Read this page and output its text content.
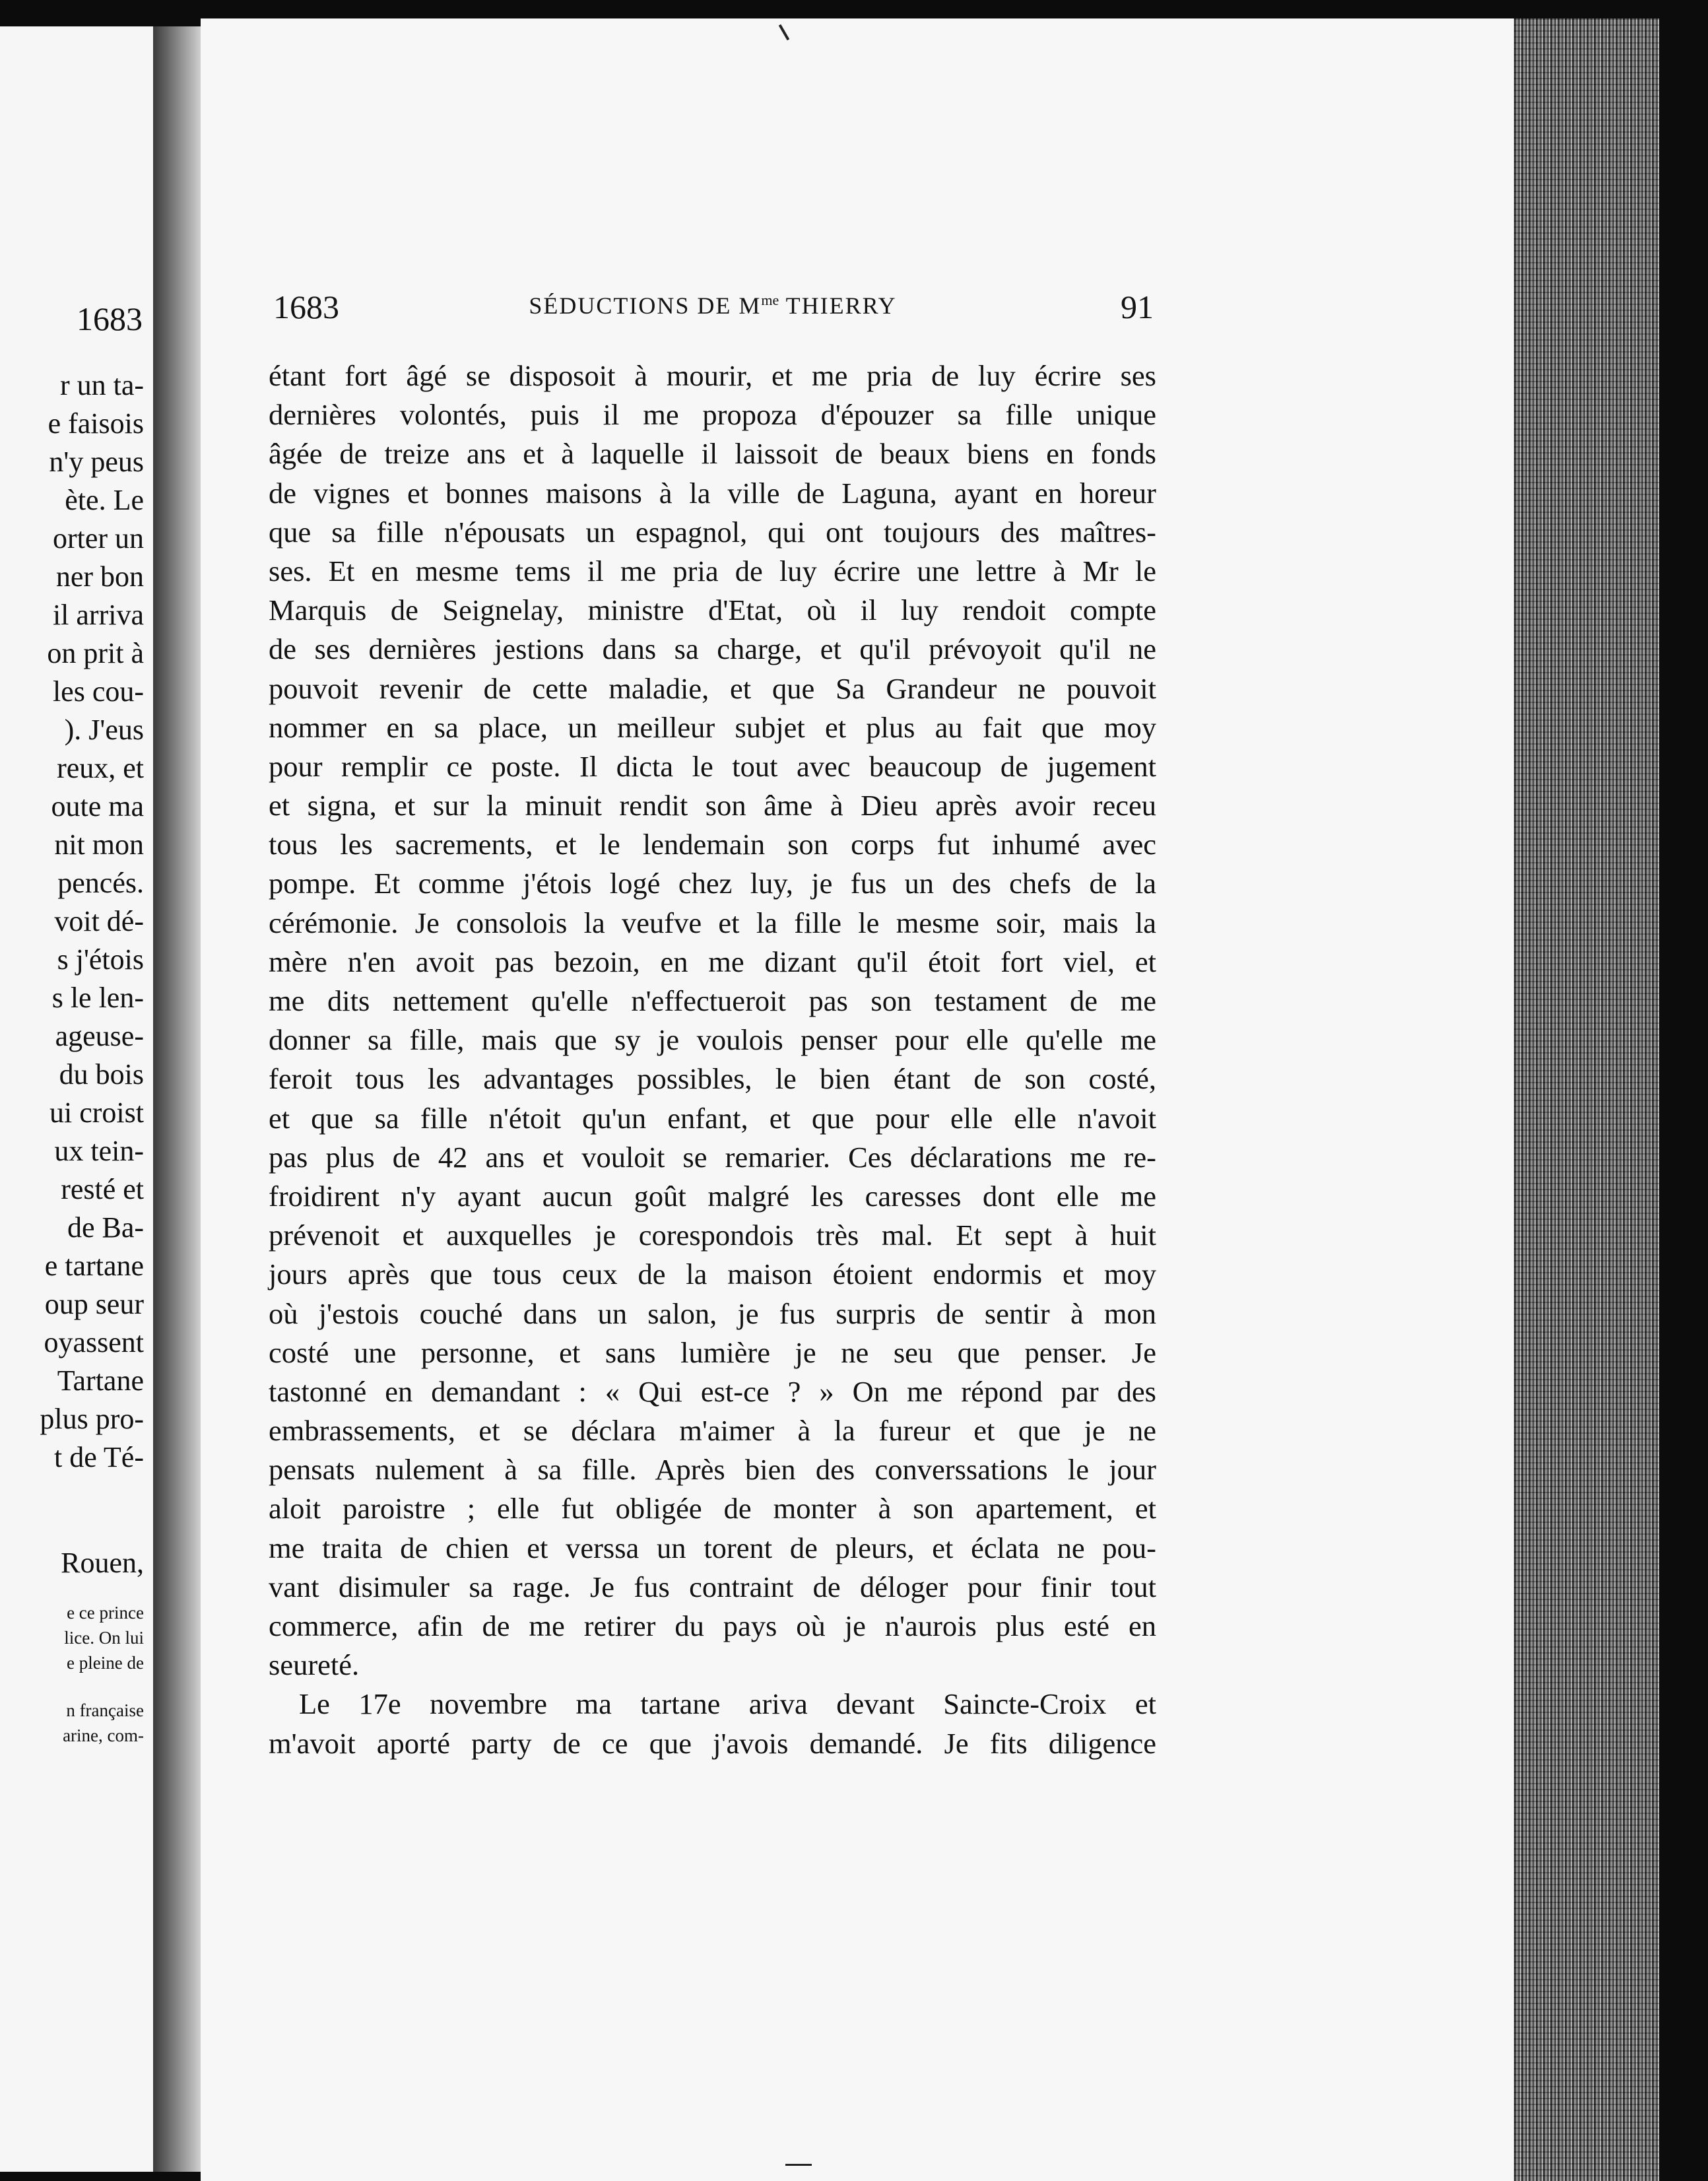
1683
r un ta-
e faisois
n'y peus
ète. Le
orter un
ner bon
il arriva
on prit à
les cou-
). J'eus
reux, et
oute ma
nit mon
pencés.
voit dé-
s j'étois
s le len-
ageuse-
du bois
ui croist
ux tein-
resté et
de Ba-
e tartane
oup seur
oyassent
Tartane
plus pro-
t de Té-
Rouen,
e ce prince
lice. On lui
e pleine de
n française
arine, com-
1683	SÉDUCTIONS DE $M^{me}$ THIERRY	91
étant fort âgé se disposoit à mourir, et me pria de luy écrire ses
dernières volontés, puis il me propoza d'épouzer sa fille unique
âgée de treize ans et à laquelle il laissoit de beaux biens en fonds
de vignes et bonnes maisons à la ville de Laguna, ayant en horeur
que sa fille n'épousats un espagnol, qui ont toujours des maîtres-
ses. Et en mesme tems il me pria de luy écrire une lettre à Mr le
Marquis de Seignelay, ministre d'Etat, où il luy rendoit compte
de ses dernières jestions dans sa charge, et qu'il prévoyoit qu'il ne
pouvoit revenir de cette maladie, et que Sa Grandeur ne pouvoit
nommer en sa place, un meilleur subjet et plus au fait que moy
pour remplir ce poste. Il dicta le tout avec beaucoup de jugement
et signa, et sur la minuit rendit son âme à Dieu après avoir receu
tous les sacrements, et le lendemain son corps fut inhumé avec
pompe. Et comme j'étois logé chez luy, je fus un des chefs de la
cérémonie. Je consolois la veufve et la fille le mesme soir, mais la
mère n'en avoit pas bezoin, en me dizant qu'il étoit fort viel, et
me dits nettement qu'elle n'effectueroit pas son testament de me
donner sa fille, mais que sy je voulois penser pour elle qu'elle me
feroit tous les advantages possibles, le bien étant de son costé,
et que sa fille n'étoit qu'un enfant, et que pour elle elle n'avoit
pas plus de 42 ans et vouloit se remarier. Ces déclarations me re-
froidirent n'y ayant aucun goût malgré les caresses dont elle me
prévenoit et auxquelles je corespondois très mal. Et sept à huit
jours après que tous ceux de la maison étoient endormis et moy
où j'estois couché dans un salon, je fus surpris de sentir à mon
costé une personne, et sans lumière je ne seu que penser. Je
tastonné en demandant : « Qui est-ce ? » On me répond par des
embrassements, et se déclara m'aimer à la fureur et que je ne
pensats nulement à sa fille. Après bien des converssations le jour
aloit paroistre ; elle fut obligée de monter à son apartement, et
me traita de chien et verssa un torent de pleurs, et éclata ne pou-
vant disimuler sa rage. Je fus contraint de déloger pour finir tout
commerce, afin de me retirer du pays où je n'aurois plus esté en
seureté.
Le 17e novembre ma tartane ariva devant Saincte-Croix et
m'avoit aporté party de ce que j'avois demandé. Je fits diligence
